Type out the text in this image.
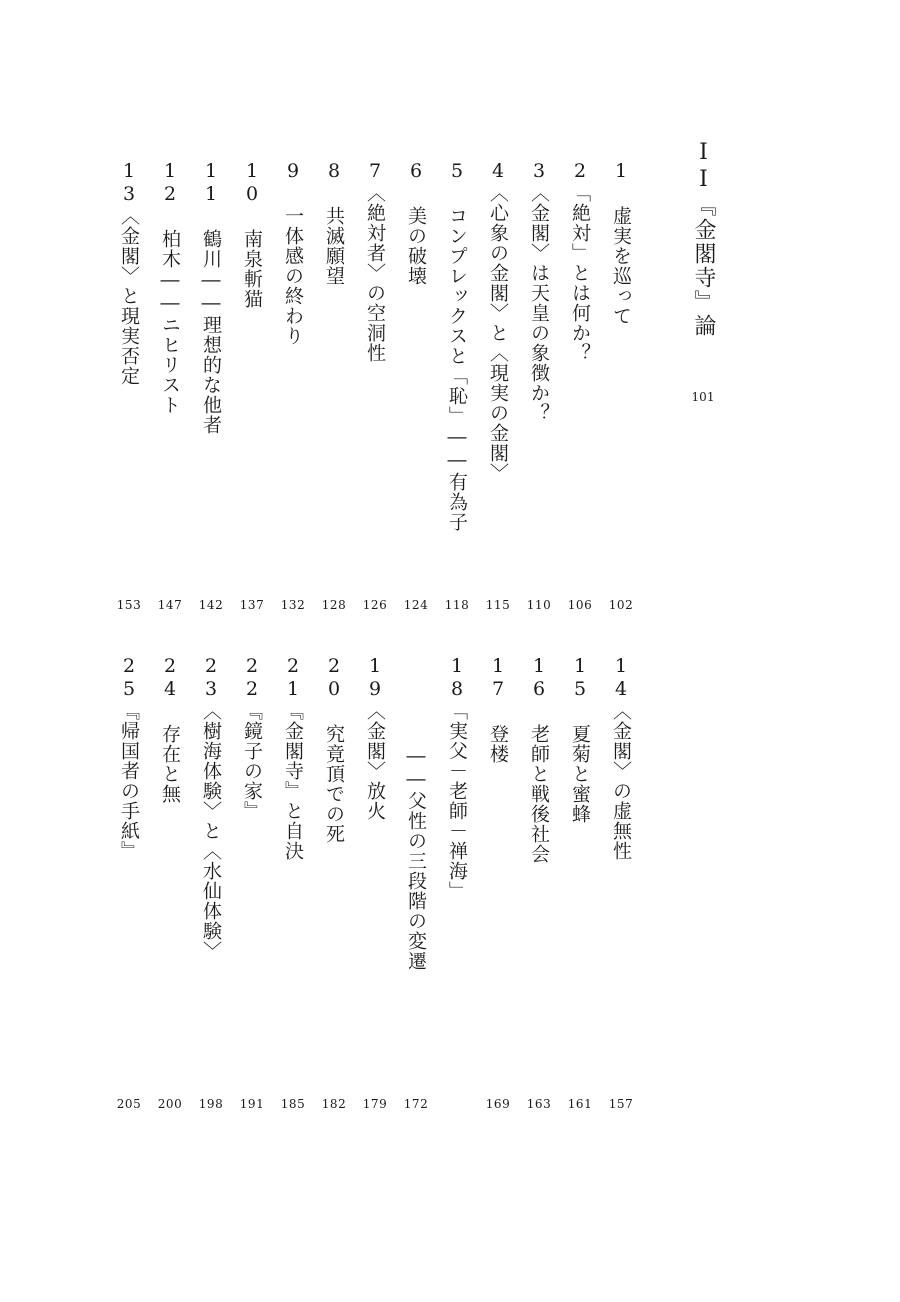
II『金閣寺』論
101
1 虚実を巡って
102
2「絶対」とは何か？
106
3〈金閣〉は天皇の象徴か？
110
4〈心象の金閣〉と〈現実の金閣〉
115
5 コンプレックスと「恥」――有為子
118
6 美の破壊
124
7〈絶対者〉の空洞性
126
8 共滅願望
128
9 一体感の終わり
132
10 南泉斬猫
137
11 鶴川――理想的な他者
142
12 柏木――ニヒリスト
147
13〈金閣〉と現実否定
153
14〈金閣〉の虚無性
157
15 夏菊と蜜蜂
161
16 老師と戦後社会
163
17 登楼
169
18「実父－老師－禅海」
――父性の三段階の変遷
172
19〈金閣〉放火
179
20 究竟頂での死
182
21『金閣寺』と自決
185
22『鏡子の家』
191
23〈樹海体験〉と〈水仙体験〉
198
24 存在と無
200
25『帰国者の手紙』
205
